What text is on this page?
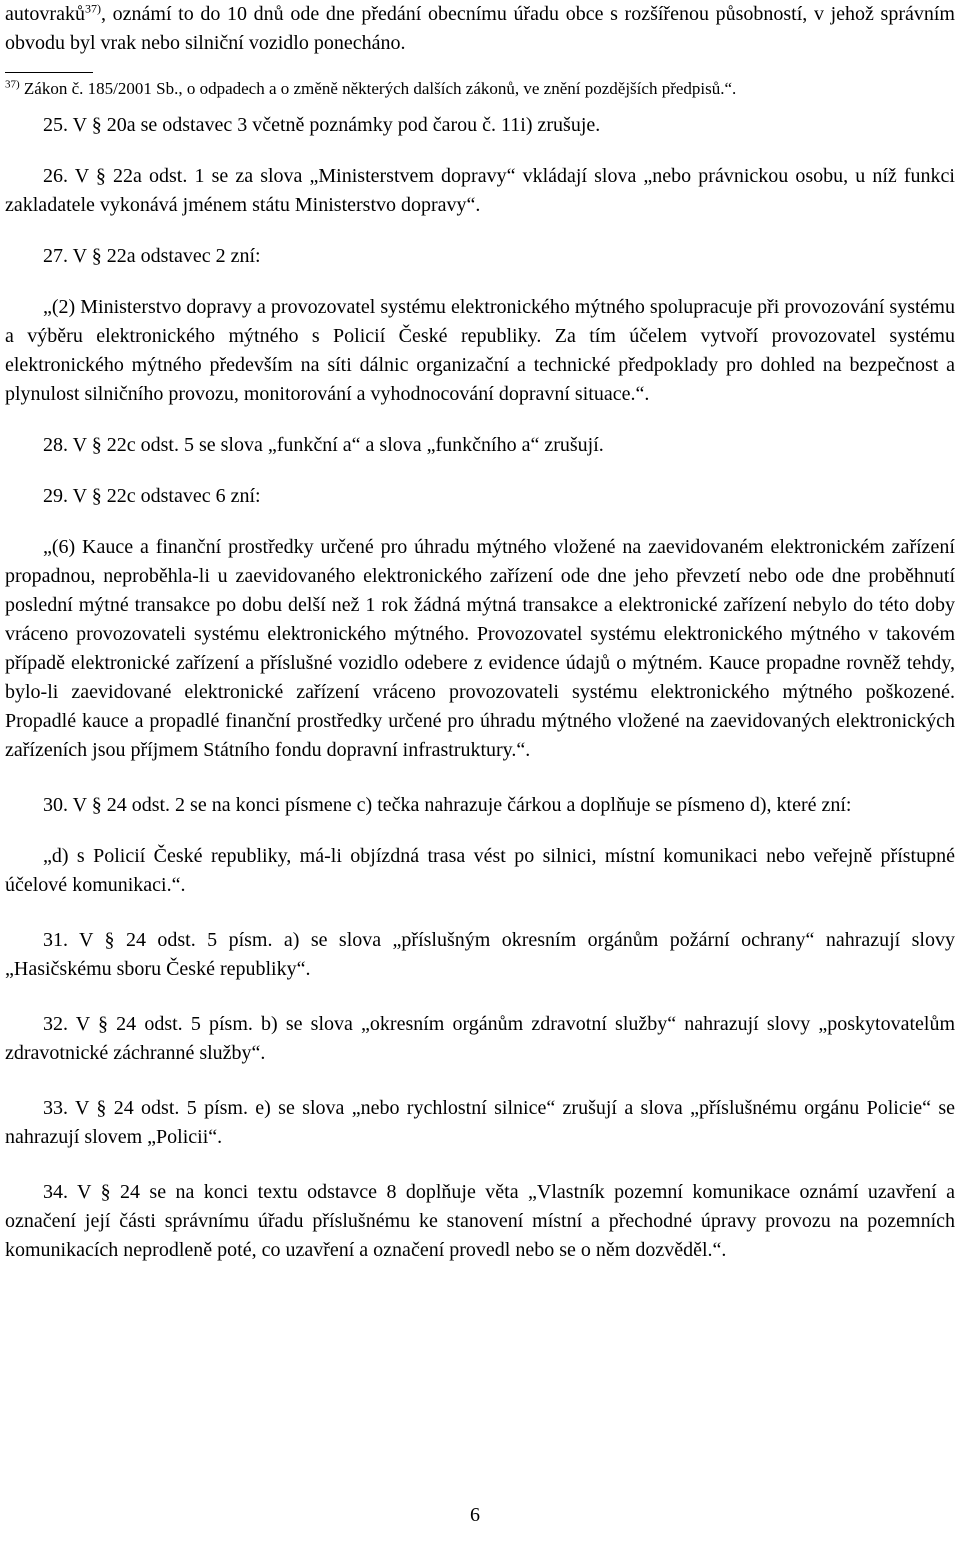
autovraků$^{37)}$, oznámí to do 10 dnů ode dne předání obecnímu úřadu obce s rozšířenou působností, v jehož správním obvodu byl vrak nebo silniční vozidlo ponecháno.

$^{37)}$ Zákon č. 185/2001 Sb., o odpadech a o změně některých dalších zákonů, ve znění pozdějších předpisů.“.

25. V § 20a se odstavec 3 včetně poznámky pod čarou č. 11i) zrušuje.

26. V § 22a odst. 1 se za slova „Ministerstvem dopravy“ vkládají slova „nebo právnickou osobu, u níž funkci zakladatele vykonává jménem státu Ministerstvo dopravy“.

27. V § 22a odstavec 2 zní:

„(2) Ministerstvo dopravy a provozovatel systému elektronického mýtného spolupracuje při provozování systému a výběru elektronického mýtného s Policií České republiky. Za tím účelem vytvoří provozovatel systému elektronického mýtného především na síti dálnic organizační a technické předpoklady pro dohled na bezpečnost a plynulost silničního provozu, monitorování a vyhodnocování dopravní situace.“.

28. V § 22c odst. 5 se slova „funkční a“ a slova „funkčního a“ zrušují.

29. V § 22c odstavec 6 zní:

„(6) Kauce a finanční prostředky určené pro úhradu mýtného vložené na zaevidovaném elektronickém zařízení propadnou, neproběhla-li u zaevidovaného elektronického zařízení ode dne jeho převzetí nebo ode dne proběhnutí poslední mýtné transakce po dobu delší než 1 rok žádná mýtná transakce a elektronické zařízení nebylo do této doby vráceno provozovateli systému elektronického mýtného. Provozovatel systému elektronického mýtného v takovém případě elektronické zařízení a příslušné vozidlo odebere z evidence údajů o mýtném. Kauce propadne rovněž tehdy, bylo-li zaevidované elektronické zařízení vráceno provozovateli systému elektronického mýtného poškozené. Propadlé kauce a propadlé finanční prostředky určené pro úhradu mýtného vložené na zaevidovaných elektronických zařízeních jsou příjmem Státního fondu dopravní infrastruktury.“.

30. V § 24 odst. 2 se na konci písmene c) tečka nahrazuje čárkou a doplňuje se písmeno d), které zní:

„d) s Policií České republiky, má-li objízdná trasa vést po silnici, místní komunikaci nebo veřejně přístupné účelové komunikaci.“.

31. V § 24 odst. 5 písm. a) se slova „příslušným okresním orgánům požární ochrany“ nahrazují slovy „Hasičskému sboru České republiky“.

32. V § 24 odst. 5 písm. b) se slova „okresním orgánům zdravotní služby“ nahrazují slovy „poskytovatelům zdravotnické záchranné služby“.

33. V § 24 odst. 5 písm. e) se slova „nebo rychlostní silnice“ zrušují a slova „příslušnému orgánu Policie“ se nahrazují slovem „Policii“.

34. V § 24 se na konci textu odstavce 8 doplňuje věta „Vlastník pozemní komunikace oznámí uzavření a označení její části správnímu úřadu příslušnému ke stanovení místní a přechodné úpravy provozu na pozemních komunikacích neprodleně poté, co uzavření a označení provedl nebo se o něm dozvěděl.“.

6
